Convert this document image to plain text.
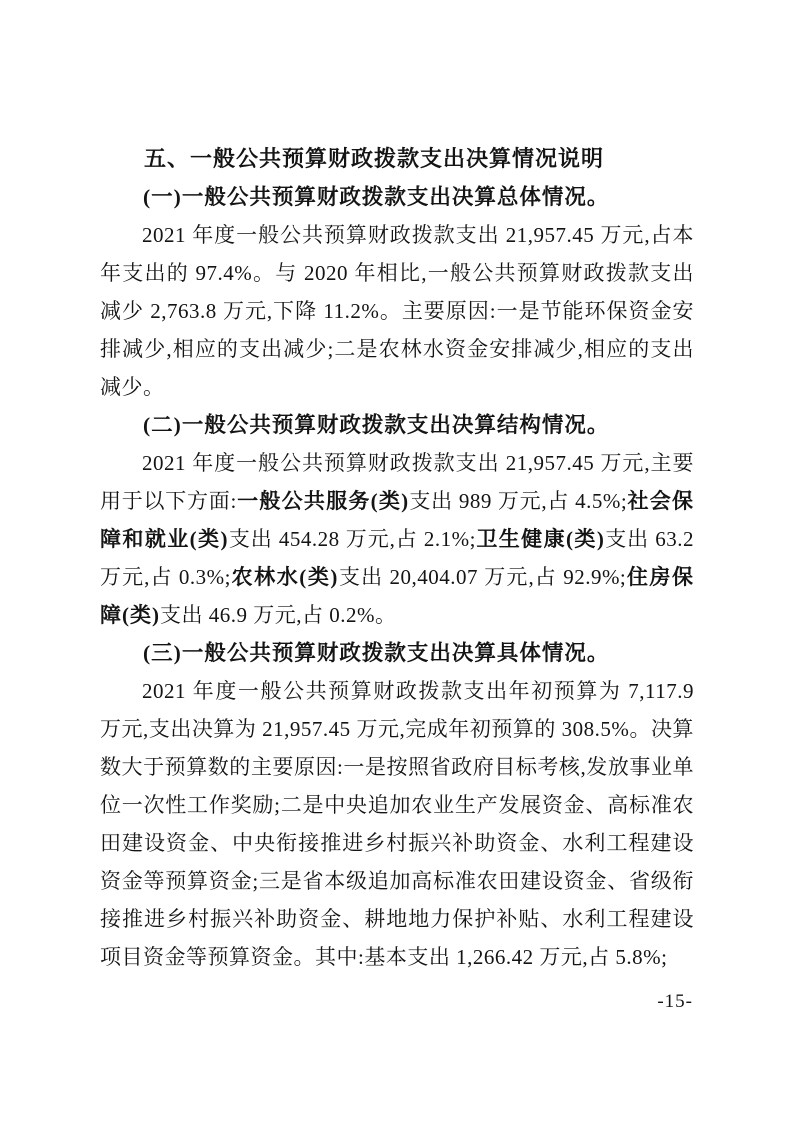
五、一般公共预算财政拨款支出决算情况说明
(一)一般公共预算财政拨款支出决算总体情况。

2021 年度一般公共预算财政拨款支出 21,957.45 万元,占本年支出的 97.4%。与 2020 年相比,一般公共预算财政拨款支出减少 2,763.8 万元,下降 11.2%。主要原因:一是节能环保资金安排减少,相应的支出减少;二是农林水资金安排减少,相应的支出减少。

(二)一般公共预算财政拨款支出决算结构情况。

2021 年度一般公共预算财政拨款支出 21,957.45 万元,主要用于以下方面:一般公共服务(类)支出 989 万元,占 4.5%;社会保障和就业(类)支出 454.28 万元,占 2.1%;卫生健康(类)支出 63.2 万元,占 0.3%;农林水(类)支出 20,404.07 万元,占 92.9%;住房保障(类)支出 46.9 万元,占 0.2%。

(三)一般公共预算财政拨款支出决算具体情况。

2021 年度一般公共预算财政拨款支出年初预算为 7,117.9 万元,支出决算为 21,957.45 万元,完成年初预算的 308.5%。决算数大于预算数的主要原因:一是按照省政府目标考核,发放事业单位一次性工作奖励;二是中央追加农业生产发展资金、高标准农田建设资金、中央衔接推进乡村振兴补助资金、水利工程建设资金等预算资金;三是省本级追加高标准农田建设资金、省级衔接推进乡村振兴补助资金、耕地地力保护补贴、水利工程建设项目资金等预算资金。其中:基本支出 1,266.42 万元,占 5.8%;

-15-
